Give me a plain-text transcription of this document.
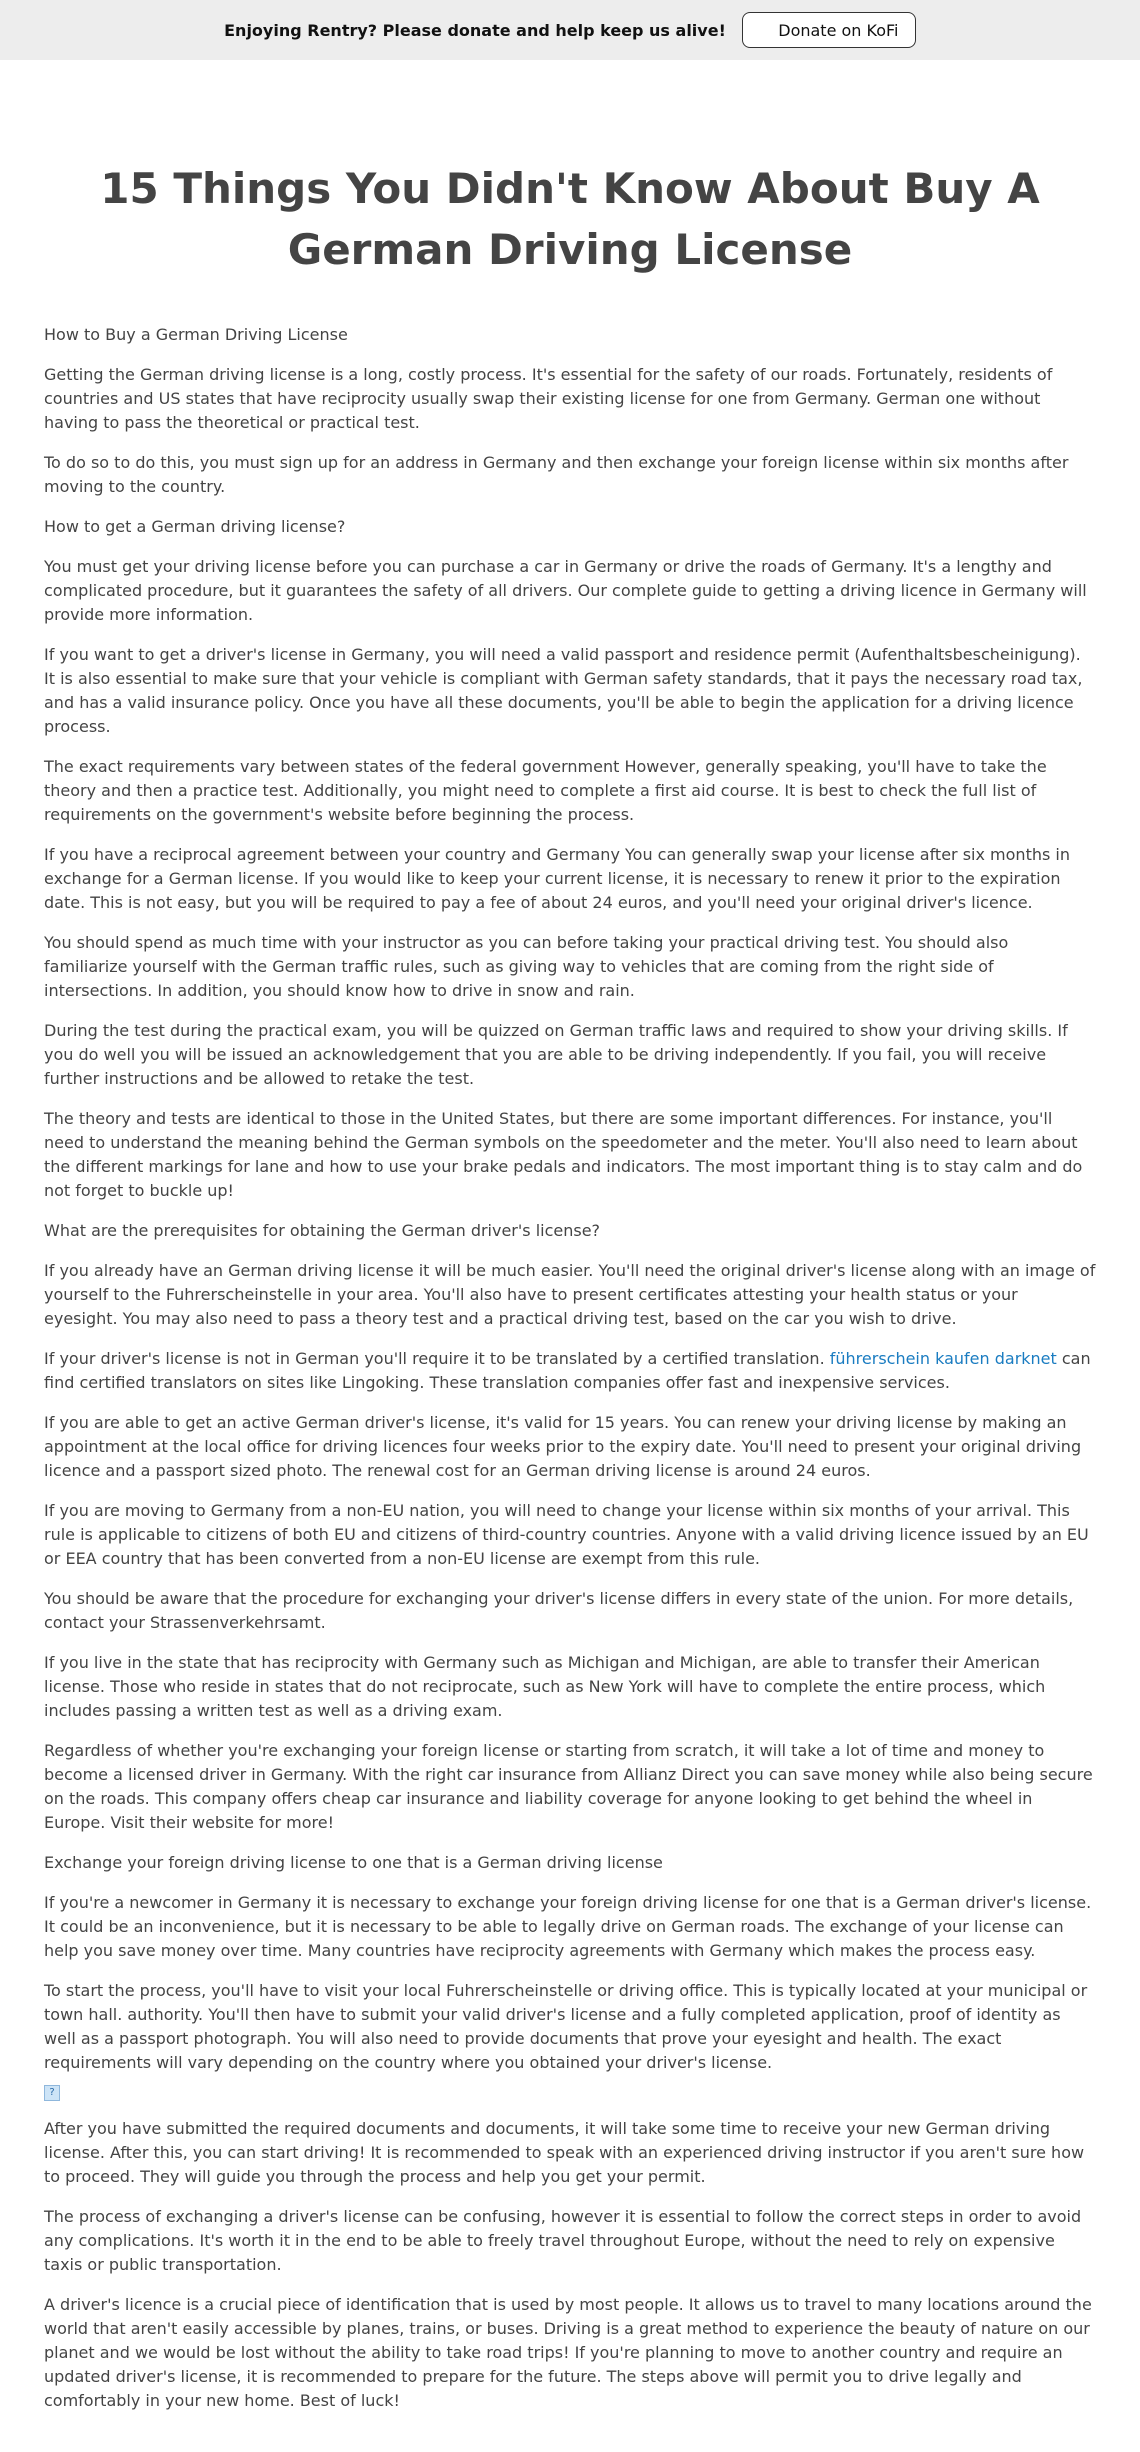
Enjoying Rentry? Please donate and help keep us alive!	Donate on KoFi
15 Things You Didn't Know About Buy A German Driving License

How to Buy a German Driving License

Getting the German driving license is a long, costly process. It's essential for the safety of our roads. Fortunately, residents of countries and US states that have reciprocity usually swap their existing license for one from Germany. German one without having to pass the theoretical or practical test.

To do so to do this, you must sign up for an address in Germany and then exchange your foreign license within six months after moving to the country.

How to get a German driving license?

You must get your driving license before you can purchase a car in Germany or drive the roads of Germany. It's a lengthy and complicated procedure, but it guarantees the safety of all drivers. Our complete guide to getting a driving licence in Germany will provide more information.

If you want to get a driver's license in Germany, you will need a valid passport and residence permit (Aufenthaltsbescheinigung). It is also essential to make sure that your vehicle is compliant with German safety standards, that it pays the necessary road tax, and has a valid insurance policy. Once you have all these documents, you'll be able to begin the application for a driving licence process.

The exact requirements vary between states of the federal government However, generally speaking, you'll have to take the theory and then a practice test. Additionally, you might need to complete a first aid course. It is best to check the full list of requirements on the government's website before beginning the process.

If you have a reciprocal agreement between your country and Germany You can generally swap your license after six months in exchange for a German license. If you would like to keep your current license, it is necessary to renew it prior to the expiration date. This is not easy, but you will be required to pay a fee of about 24 euros, and you'll need your original driver's licence.

You should spend as much time with your instructor as you can before taking your practical driving test. You should also familiarize yourself with the German traffic rules, such as giving way to vehicles that are coming from the right side of intersections. In addition, you should know how to drive in snow and rain.

During the test during the practical exam, you will be quizzed on German traffic laws and required to show your driving skills. If you do well you will be issued an acknowledgement that you are able to be driving independently. If you fail, you will receive further instructions and be allowed to retake the test.

The theory and tests are identical to those in the United States, but there are some important differences. For instance, you'll need to understand the meaning behind the German symbols on the speedometer and the meter. You'll also need to learn about the different markings for lane and how to use your brake pedals and indicators. The most important thing is to stay calm and do not forget to buckle up!

What are the prerequisites for obtaining the German driver's license?

If you already have an German driving license it will be much easier. You'll need the original driver's license along with an image of yourself to the Fuhrerscheinstelle in your area. You'll also have to present certificates attesting your health status or your eyesight. You may also need to pass a theory test and a practical driving test, based on the car you wish to drive.

If your driver's license is not in German you'll require it to be translated by a certified translation. führerschein kaufen darknet can find certified translators on sites like Lingoking. These translation companies offer fast and inexpensive services.

If you are able to get an active German driver's license, it's valid for 15 years. You can renew your driving license by making an appointment at the local office for driving licences four weeks prior to the expiry date. You'll need to present your original driving licence and a passport sized photo. The renewal cost for an German driving license is around 24 euros.

If you are moving to Germany from a non-EU nation, you will need to change your license within six months of your arrival. This rule is applicable to citizens of both EU and citizens of third-country countries. Anyone with a valid driving licence issued by an EU or EEA country that has been converted from a non-EU license are exempt from this rule.

You should be aware that the procedure for exchanging your driver's license differs in every state of the union. For more details, contact your Strassenverkehrsamt.

If you live in the state that has reciprocity with Germany such as Michigan and Michigan, are able to transfer their American license. Those who reside in states that do not reciprocate, such as New York will have to complete the entire process, which includes passing a written test as well as a driving exam.

Regardless of whether you're exchanging your foreign license or starting from scratch, it will take a lot of time and money to become a licensed driver in Germany. With the right car insurance from Allianz Direct you can save money while also being secure on the roads. This company offers cheap car insurance and liability coverage for anyone looking to get behind the wheel in Europe. Visit their website for more!

Exchange your foreign driving license to one that is a German driving license

If you're a newcomer in Germany it is necessary to exchange your foreign driving license for one that is a German driver's license. It could be an inconvenience, but it is necessary to be able to legally drive on German roads. The exchange of your license can help you save money over time. Many countries have reciprocity agreements with Germany which makes the process easy.

To start the process, you'll have to visit your local Fuhrerscheinstelle or driving office. This is typically located at your municipal or town hall. authority. You'll then have to submit your valid driver's license and a fully completed application, proof of identity as well as a passport photograph. You will also need to provide documents that prove your eyesight and health. The exact requirements will vary depending on the country where you obtained your driver's license.

?

After you have submitted the required documents and documents, it will take some time to receive your new German driving license. After this, you can start driving! It is recommended to speak with an experienced driving instructor if you aren't sure how to proceed. They will guide you through the process and help you get your permit.

The process of exchanging a driver's license can be confusing, however it is essential to follow the correct steps in order to avoid any complications. It's worth it in the end to be able to freely travel throughout Europe, without the need to rely on expensive taxis or public transportation.

A driver's licence is a crucial piece of identification that is used by most people. It allows us to travel to many locations around the world that aren't easily accessible by planes, trains, or buses. Driving is a great method to experience the beauty of nature on our planet and we would be lost without the ability to take road trips! If you're planning to move to another country and require an updated driver's license, it is recommended to prepare for the future. The steps above will permit you to drive legally and comfortably in your new home. Best of luck!
